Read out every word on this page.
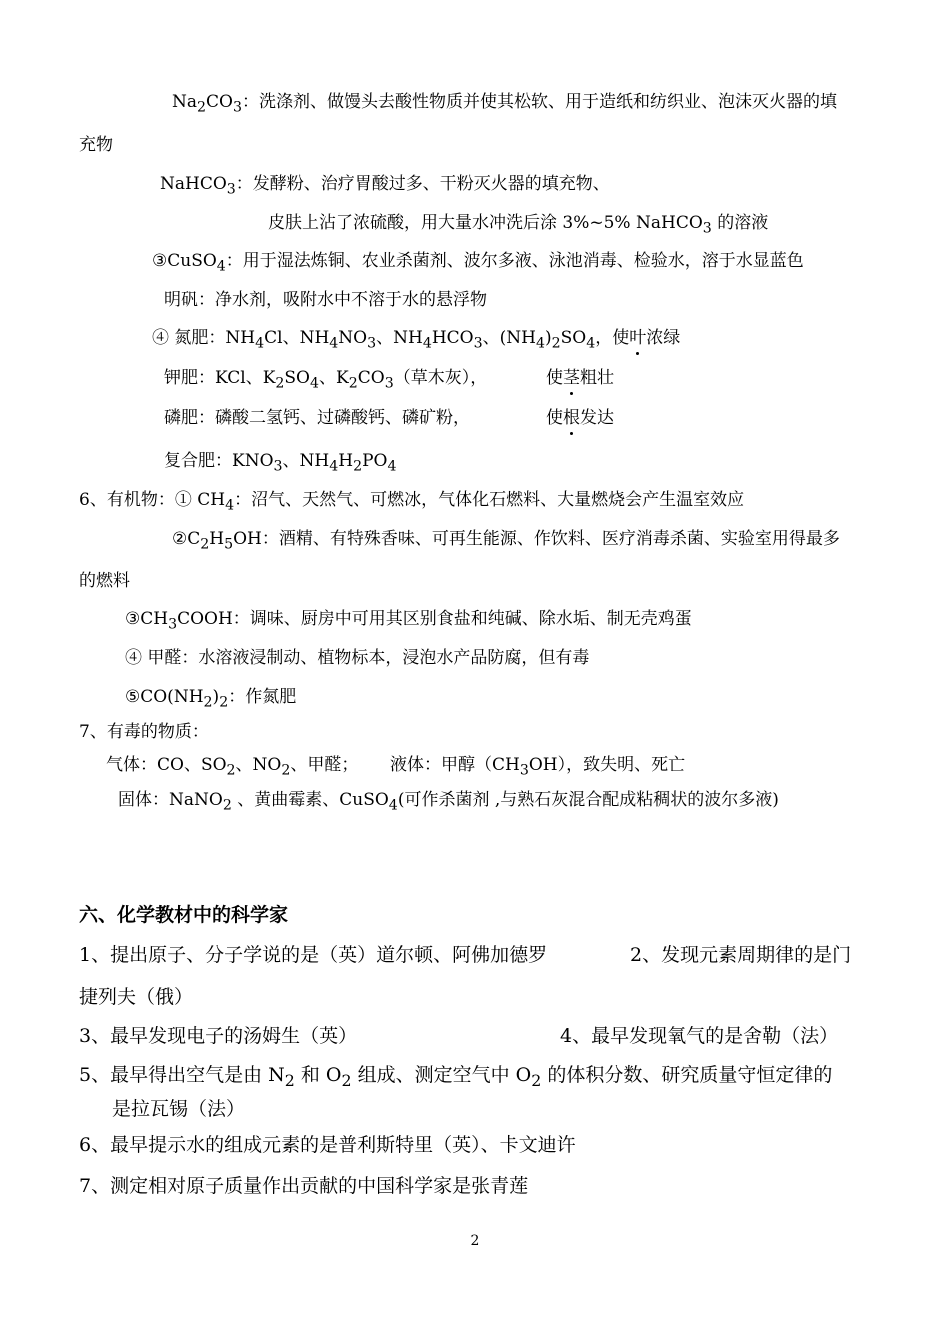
$Na_2CO_3$：洗涤剂、做馒头去酸性物质并使其松软、用于造纸和纺织业、泡沫灭火器的填
充物
NaHCO$_3$：发酵粉、治疗胃酸过多、干粉灭火器的填充物、
皮肤上沾了浓硫酸，用大量水冲洗后涂 3%~5% NaHCO$_3$ 的溶液
③CuSO$_4$：用于湿法炼铜、农业杀菌剂、波尔多液、泳池消毒、检验水，溶于水显蓝色
明矾：净水剂，吸附水中不溶于水的悬浮物
④ 氮肥：$NH_4Cl$、$NH_4NO_3$、$NH_4HCO_3$、$(NH_4)_2SO_4$，使叶浓绿
钾肥：KCl、$K_2SO_4$、$K_2CO_3$（草木灰），	使茎粗壮
磷肥：磷酸二氢钙、过磷酸钙、磷矿粉，	使根发达
复合肥：$KNO_3$、$NH_4H_2PO_4$
6、有机物：① $CH_4$：沼气、天然气、可燃冰，气体化石燃料、大量燃烧会产生温室效应
$②C_2H_5OH$：酒精、有特殊香味、可再生能源、作饮料、医疗消毒杀菌、实验室用得最多
的燃料
$③CH_3COOH$：调味、厨房中可用其区别食盐和纯碱、除水垢、制无壳鸡蛋
④ 甲醛：水溶液浸制动、植物标本，浸泡水产品防腐，但有毒
$⑤CO(NH_2)_2$：作氮肥
7、有毒的物质：
气体：CO、$SO_2$、$NO_2$、甲醛； 液体：甲醇$(CH_3OH)$，致失明、死亡
固体：NaNO$_2$ 、黄曲霉素、CuSO$_4$(可作杀菌剂 ,与熟石灰混合配成粘稠状的波尔多液)
六、化学教材中的科学家
1、提出原子、分子学说的是（英）道尔顿、阿佛加德罗	2、发现元素周期律的是门
捷列夫（俄）
3、最早发现电子的汤姆生（英）	4、最早发现氧气的是舍勒（法）
5、最早得出空气是由 $N_2$ 和 $O_2$ 组成、测定空气中 $O_2$ 的体积分数、研究质量守恒定律的
是拉瓦锡（法）
6、最早提示水的组成元素的是普利斯特里（英）、卡文迪许
7、测定相对原子质量作出贡献的中国科学家是张青莲
2
